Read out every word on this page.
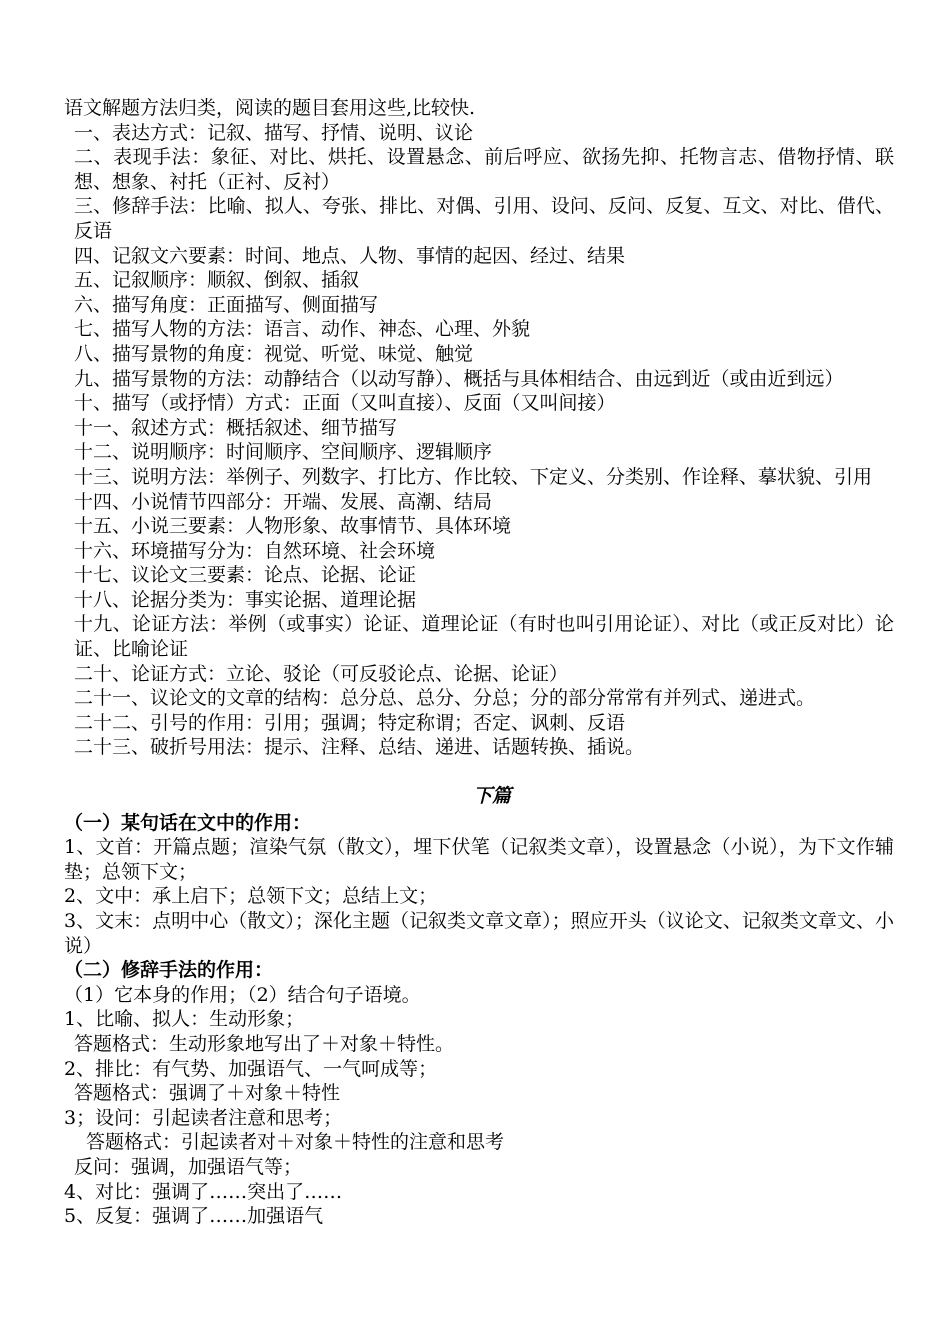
语文解题方法归类，阅读的题目套用这些,比较快.
一、表达方式：记叙、描写、抒情、说明、议论
二、表现手法：象征、对比、烘托、设置悬念、前后呼应、欲扬先抑、托物言志、借物抒情、联想、想象、衬托（正衬、反衬）
三、修辞手法：比喻、拟人、夸张、排比、对偶、引用、设问、反问、反复、互文、对比、借代、反语
四、记叙文六要素：时间、地点、人物、事情的起因、经过、结果
五、记叙顺序：顺叙、倒叙、插叙
六、描写角度：正面描写、侧面描写
七、描写人物的方法：语言、动作、神态、心理、外貌
八、描写景物的角度：视觉、听觉、味觉、触觉
九、描写景物的方法：动静结合（以动写静）、概括与具体相结合、由远到近（或由近到远）
十、描写（或抒情）方式：正面（又叫直接）、反面（又叫间接）
十一、叙述方式：概括叙述、细节描写
十二、说明顺序：时间顺序、空间顺序、逻辑顺序
十三、说明方法：举例子、列数字、打比方、作比较、下定义、分类别、作诠释、摹状貌、引用
十四、小说情节四部分：开端、发展、高潮、结局
十五、小说三要素：人物形象、故事情节、具体环境
十六、环境描写分为：自然环境、社会环境
十七、议论文三要素：论点、论据、论证
十八、论据分类为：事实论据、道理论据
十九、论证方法：举例（或事实）论证、道理论证（有时也叫引用论证）、对比（或正反对比）论证、比喻论证
二十、论证方式：立论、驳论（可反驳论点、论据、论证）
二十一、议论文的文章的结构：总分总、总分、分总；分的部分常常有并列式、递进式。
二十二、引号的作用：引用；强调；特定称谓；否定、讽刺、反语
二十三、破折号用法：提示、注释、总结、递进、话题转换、插说。
下篇
（一）某句话在文中的作用：
1、文首：开篇点题；渲染气氛（散文），埋下伏笔（记叙类文章），设置悬念（小说），为下文作辅垫；总领下文；
2、文中：承上启下；总领下文；总结上文；
3、文末：点明中心（散文）；深化主题（记叙类文章文章）；照应开头（议论文、记叙类文章文、小说）
（二）修辞手法的作用：
（1）它本身的作用；（2）结合句子语境。
1、比喻、拟人：生动形象；
答题格式：生动形象地写出了＋对象＋特性。
2、排比：有气势、加强语气、一气呵成等；
答题格式：强调了＋对象＋特性
3；设问：引起读者注意和思考；
答题格式：引起读者对＋对象＋特性的注意和思考
反问：强调，加强语气等；
4、对比：强调了……突出了……
5、反复：强调了……加强语气
